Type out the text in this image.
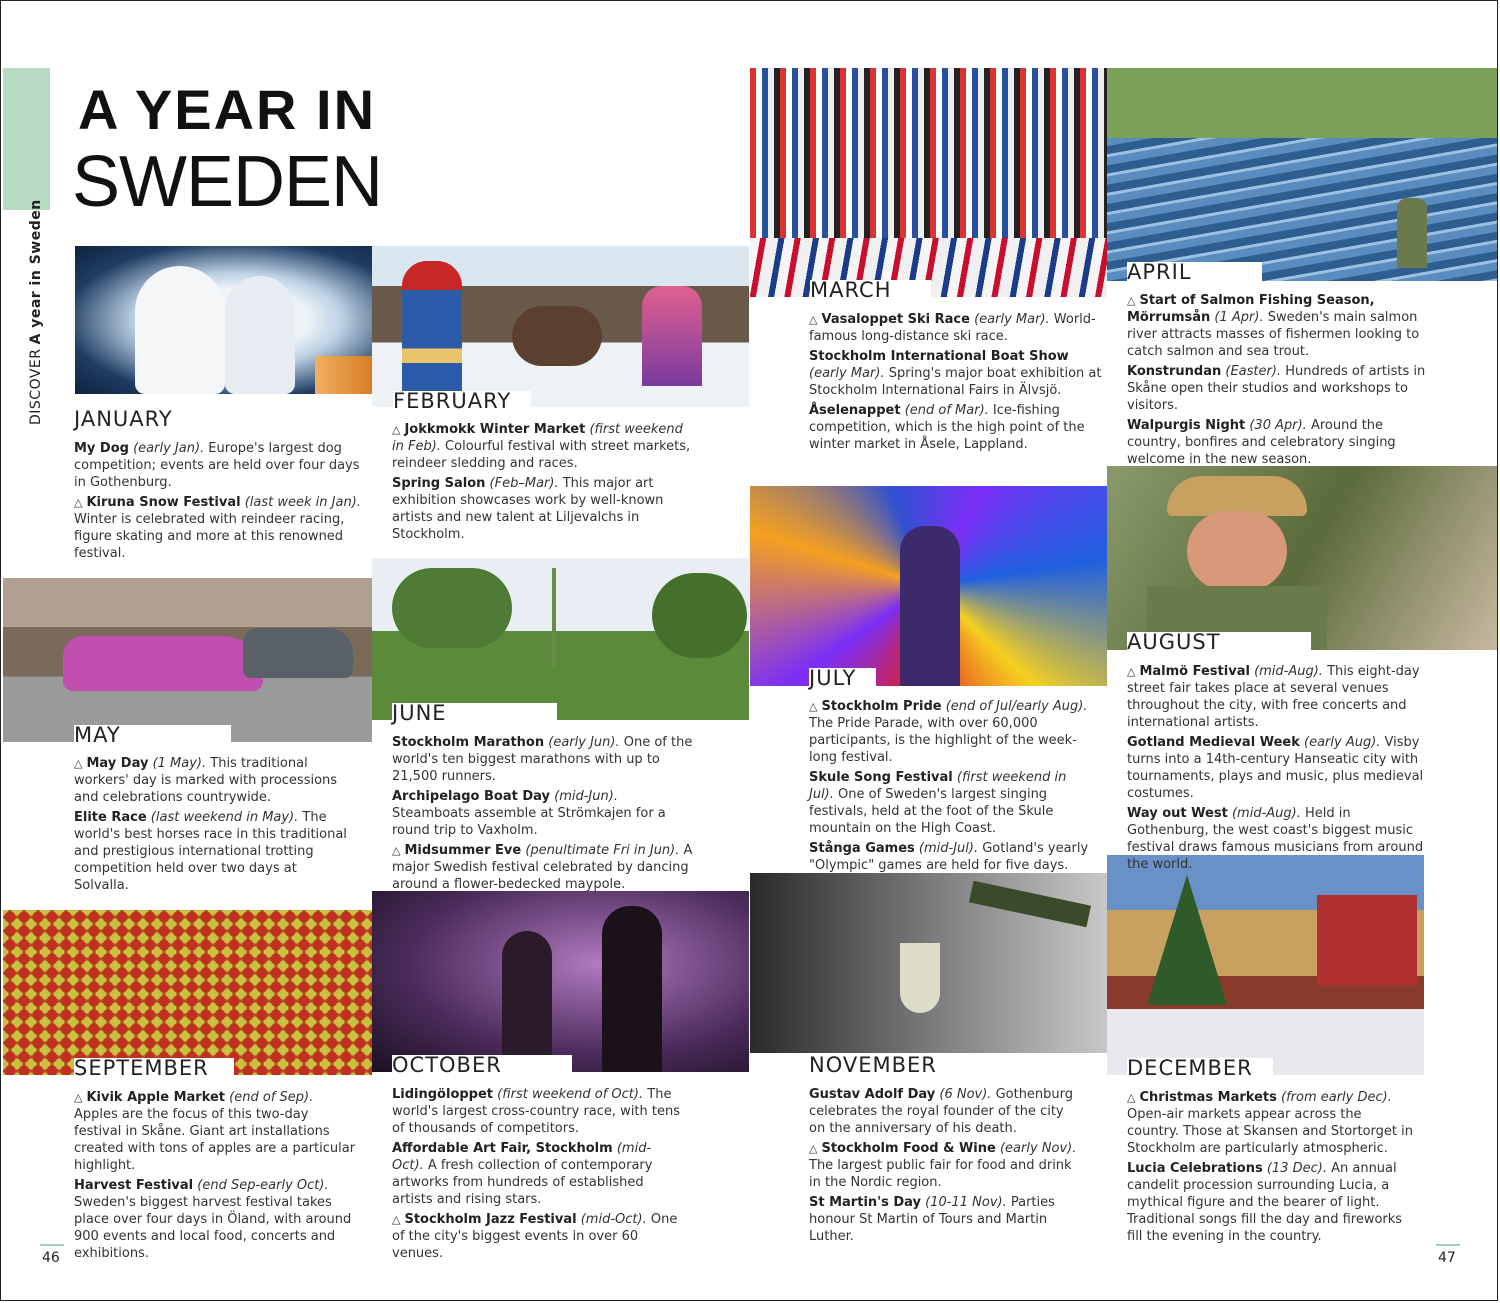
DISCOVERA year in Sweden
A YEAR IN
SWEDEN
JANUARY

My Dog (early Jan). Europe's largest dog competition; events are held over four days in Gothenburg.

△ Kiruna Snow Festival (last week in Jan). Winter is celebrated with reindeer racing, figure skating and more at this renowned festival.

FEBRUARY

△ Jokkmokk Winter Market (first weekend in Feb). Colourful festival with street markets, reindeer sledding and races.

Spring Salon (Feb–Mar). This major art exhibition showcases work by well-known artists and new talent at Liljevalchs in Stockholm.

MARCH

△ Vasaloppet Ski Race (early Mar). World-famous long-distance ski race.

Stockholm International Boat Show (early Mar). Spring's major boat exhibition at Stockholm International Fairs in Älvsjö.

Åselenappet (end of Mar). Ice-fishing competition, which is the high point of the winter market in Åsele, Lappland.

APRIL

△ Start of Salmon Fishing Season, Mörrumsån (1 Apr). Sweden's main salmon river attracts masses of fishermen looking to catch salmon and sea trout.

Konstrundan (Easter). Hundreds of artists in Skåne open their studios and workshops to visitors.

Walpurgis Night (30 Apr). Around the country, bonfires and celebratory singing welcome in the new season.

MAY

△ May Day (1 May). This traditional workers' day is marked with processions and celebrations countrywide.

Elite Race (last weekend in May). The world's best horses race in this traditional and prestigious international trotting competition held over two days at Solvalla.

JUNE

Stockholm Marathon (early Jun). One of the world's ten biggest marathons with up to 21,500 runners.

Archipelago Boat Day (mid-Jun). Steamboats assemble at Strömkajen for a round trip to Vaxholm.

△ Midsummer Eve (penultimate Fri in Jun). A major Swedish festival celebrated by dancing around a flower-bedecked maypole.

JULY

△ Stockholm Pride (end of Jul/early Aug). The Pride Parade, with over 60,000 participants, is the highlight of the week-long festival.

Skule Song Festival (first weekend in Jul). One of Sweden's largest singing festivals, held at the foot of the Skule mountain on the High Coast.

Stånga Games (mid-Jul). Gotland's yearly "Olympic" games are held for five days.

AUGUST

△ Malmö Festival (mid-Aug). This eight-day street fair takes place at several venues throughout the city, with free concerts and international artists.

Gotland Medieval Week (early Aug). Visby turns into a 14th-century Hanseatic city with tournaments, plays and music, plus medieval costumes.

Way out West (mid-Aug). Held in Gothenburg, the west coast's biggest music festival draws famous musicians from around the world.

SEPTEMBER

△ Kivik Apple Market (end of Sep). Apples are the focus of this two-day festival in Skåne. Giant art installations created with tons of apples are a particular highlight.

Harvest Festival (end Sep-early Oct). Sweden's biggest harvest festival takes place over four days in Öland, with around 900 events and local food, concerts and exhibitions.

OCTOBER

Lidingöloppet (first weekend of Oct). The world's largest cross-country race, with tens of thousands of competitors.

Affordable Art Fair, Stockholm (mid-Oct). A fresh collection of contemporary artworks from hundreds of established artists and rising stars.

△ Stockholm Jazz Festival (mid-Oct). One of the city's biggest events in over 60 venues.

NOVEMBER

Gustav Adolf Day (6 Nov). Gothenburg celebrates the royal founder of the city on the anniversary of his death.

△ Stockholm Food & Wine (early Nov). The largest public fair for food and drink in the Nordic region.

St Martin's Day (10-11 Nov). Parties honour St Martin of Tours and Martin Luther.

DECEMBER

△ Christmas Markets (from early Dec). Open-air markets appear across the country. Those at Skansen and Stortorget in Stockholm are particularly atmospheric.

Lucia Celebrations (13 Dec). An annual candelit procession surrounding Lucia, a mythical figure and the bearer of light. Traditional songs fill the day and fireworks fill the evening in the country.

46	47
